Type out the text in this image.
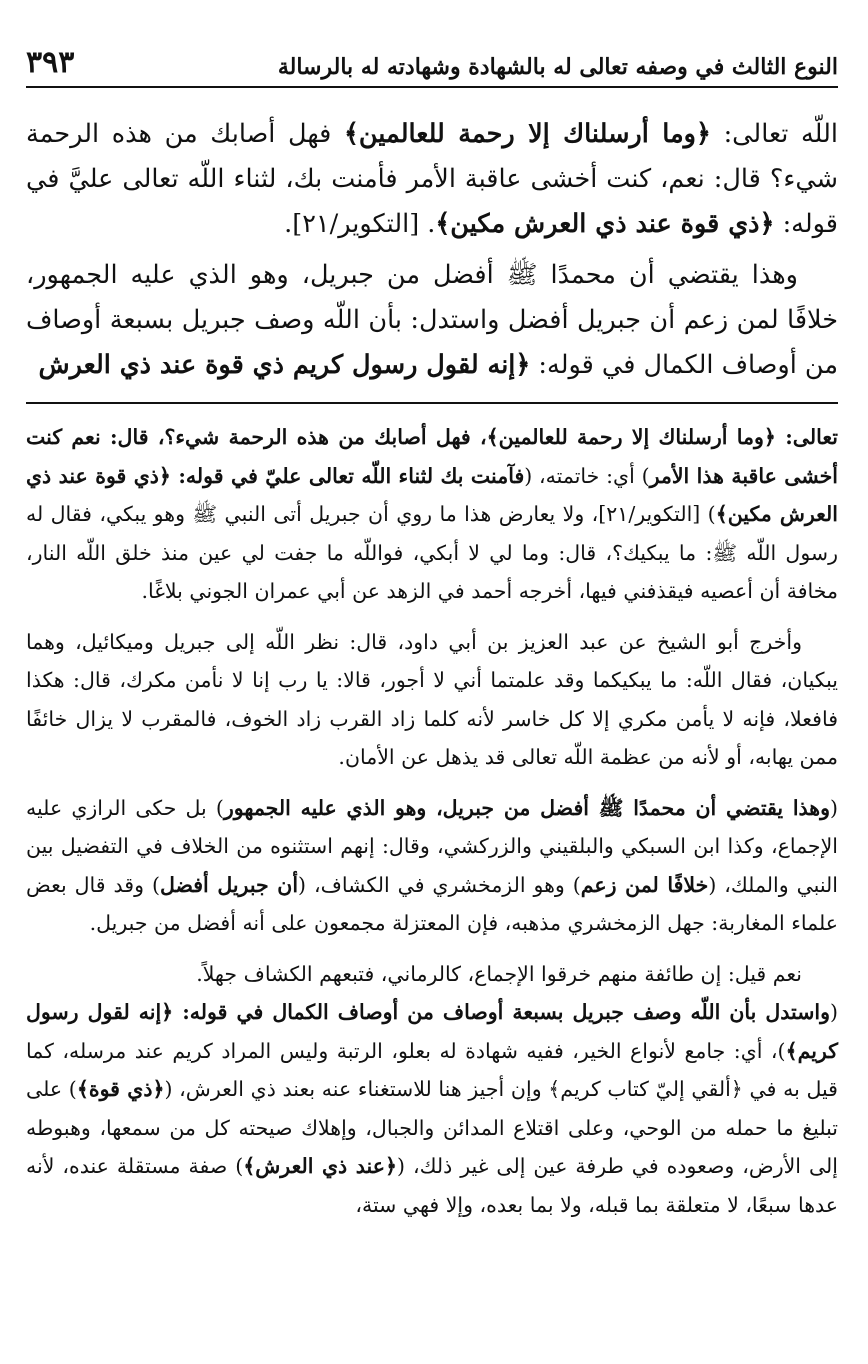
النوع الثالث في وصفه تعالى له بالشهادة وشهادته له بالرسالة
٣٩٣

اللّه تعالى: ﴿وما أرسلناك إلا رحمة للعالمين﴾ فهل أصابك من هذه الرحمة شيء؟ قال: نعم، كنت أخشى عاقبة الأمر فأمنت بك، لثناء اللّه تعالى عليَّ في قوله: ﴿ذي قوة عند ذي العرش مكين﴾. [التكوير/٢١].

وهذا يقتضي أن محمدًا ﷺ أفضل من جبريل، وهو الذي عليه الجمهور، خلافًا لمن زعم أن جبريل أفضل واستدل: بأن اللّه وصف جبريل بسبعة أوصاف من أوصاف الكمال في قوله: ﴿إنه لقول رسول كريم ذي قوة عند ذي العرش

تعالى: ﴿وما أرسلناك إلا رحمة للعالمين﴾، فهل أصابك من هذه الرحمة شيء؟، قال: نعم كنت أخشى عاقبة هذا الأمر) أي: خاتمته، (فآمنت بك لثناء اللّه تعالى عليّ في قوله: ﴿ذي قوة عند ذي العرش مكين﴾) [التكوير/٢١]، ولا يعارض هذا ما روي أن جبريل أتى النبي ﷺ وهو يبكي، فقال له رسول اللّه ﷺ: ما يبكيك؟، قال: وما لي لا أبكي، فواللّه ما جفت لي عين منذ خلق اللّه النار، مخافة أن أعصيه فيقذفني فيها، أخرجه أحمد في الزهد عن أبي عمران الجوني بلاغًا.

وأخرج أبو الشيخ عن عبد العزيز بن أبي داود، قال: نظر اللّه إلى جبريل وميكائيل، وهما يبكيان، فقال اللّه: ما يبكيكما وقد علمتما أني لا أجور، قالا: يا رب إنا لا نأمن مكرك، قال: هكذا فافعلا، فإنه لا يأمن مكري إلا كل خاسر لأنه كلما زاد القرب زاد الخوف، فالمقرب لا يزال خائفًا ممن يهابه، أو لأنه من عظمة اللّه تعالى قد يذهل عن الأمان.

(وهذا يقتضي أن محمدًا ﷺ أفضل من جبريل، وهو الذي عليه الجمهور) بل حكى الرازي عليه الإجماع، وكذا ابن السبكي والبلقيني والزركشي، وقال: إنهم استثنوه من الخلاف في التفضيل بين النبي والملك، (خلافًا لمن زعم) وهو الزمخشري في الكشاف، (أن جبريل أفضل) وقد قال بعض علماء المغاربة: جهل الزمخشري مذهبه، فإن المعتزلة مجمعون على أنه أفضل من جبريل.

نعم قيل: إن طائفة منهم خرقوا الإجماع، كالرماني، فتبعهم الكشاف جهلاً.

(واستدل بأن اللّه وصف جبريل بسبعة أوصاف من أوصاف الكمال في قوله: ﴿إنه لقول رسول كريم﴾)، أي: جامع لأنواع الخير، ففيه شهادة له بعلو، الرتبة وليس المراد كريم عند مرسله، كما قيل به في ﴿ألقي إليّ كتاب كريم﴾ وإن أجيز هنا للاستغناء عنه بعند ذي العرش، (﴿ذي قوة﴾) على تبليغ ما حمله من الوحي، وعلى اقتلاع المدائن والجبال، وإهلاك صيحته كل من سمعها، وهبوطه إلى الأرض، وصعوده في طرفة عين إلى غير ذلك، (﴿عند ذي العرش﴾) صفة مستقلة عنده، لأنه عدها سبعًا، لا متعلقة بما قبله، ولا بما بعده، وإلا فهي ستة،
